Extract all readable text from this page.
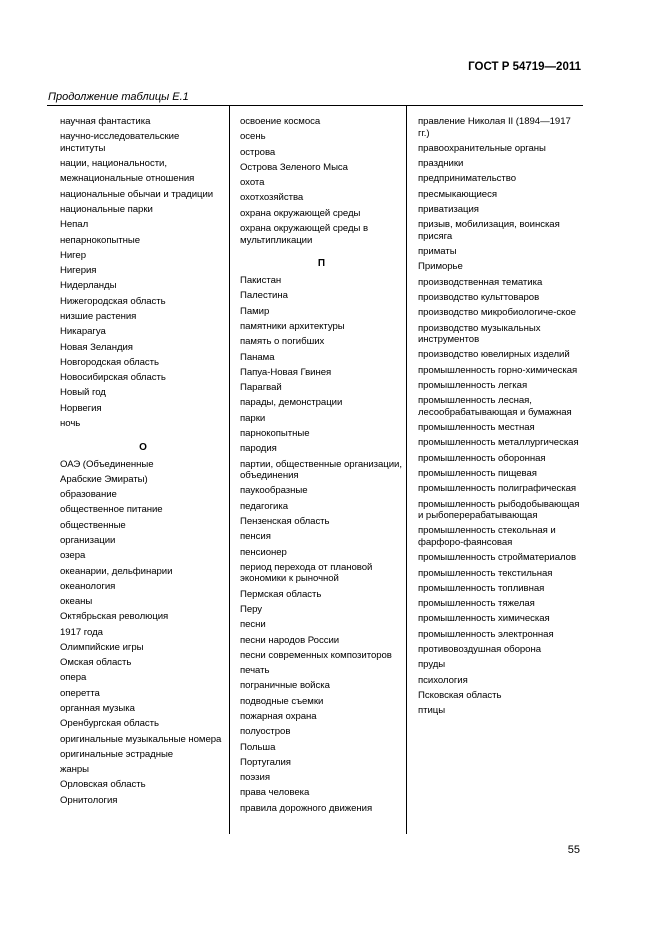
ГОСТ Р 54719—2011
Продолжение таблицы Е.1
научная фантастика
научно-исследовательские институты
нации, национальности,
межнациональные отношения
национальные обычаи и традиции
национальные парки
Непал
непарнокопытные
Нигер
Нигерия
Нидерланды
Нижегородская область
низшие растения
Никарагуа
Новая Зеландия
Новгородская область
Новосибирская область
Новый год
Норвегия
ночь
О
ОАЭ (Объединенные
Арабские Эмираты)
образование
общественное питание
общественные
организации
озера
океанарии, дельфинарии
океанология
океаны
Октябрьская революция
1917 года
Олимпийские игры
Омская область
опера
оперетта
органная музыка
Оренбургская область
оригинальные музыкальные номера
оригинальные эстрадные
жанры
Орловская область
Орнитология
освоение космоса
осень
острова
Острова Зеленого Мыса
охота
охотхозяйства
охрана окружающей среды
охрана окружающей среды в мультипликации
П
Пакистан
Палестина
Памир
памятники архитектуры
память о погибших
Панама
Папуа-Новая Гвинея
Парагвай
парады, демонстрации
парки
парнокопытные
пародия
партии, общественные организации, объединения
паукообразные
педагогика
Пензенская область
пенсия
пенсионер
период перехода от плановой экономики к рыночной
Пермская область
Перу
песни
песни народов России
песни современных композиторов
печать
пограничные войска
подводные съемки
пожарная охрана
полуостров
Польша
Португалия
поэзия
права человека
правила дорожного движения
правление Николая II (1894—1917 гг.)
правоохранительные органы
праздники
предпринимательство
пресмыкающиеся
приватизация
призыв, мобилизация, воинская присяга
приматы
Приморье
производственная тематика
производство культтоваров
производство микробиологиче-ское
производство музыкальных инструментов
производство ювелирных изделий
промышленность горно-химическая
промышленность легкая
промышленность лесная, лесообрабатывающая и бумажная
промышленность местная
промышленность металлургическая
промышленность оборонная
промышленность пищевая
промышленность полиграфическая
промышленность рыбодобывающая и рыбоперерабатывающая
промышленность стекольная и фарфоро-фаянсовая
промышленность стройматериалов
промышленность текстильная
промышленность топливная
промышленность тяжелая
промышленность химическая
промышленность электронная
противовоздушная оборона
пруды
психология
Псковская область
птицы
55
